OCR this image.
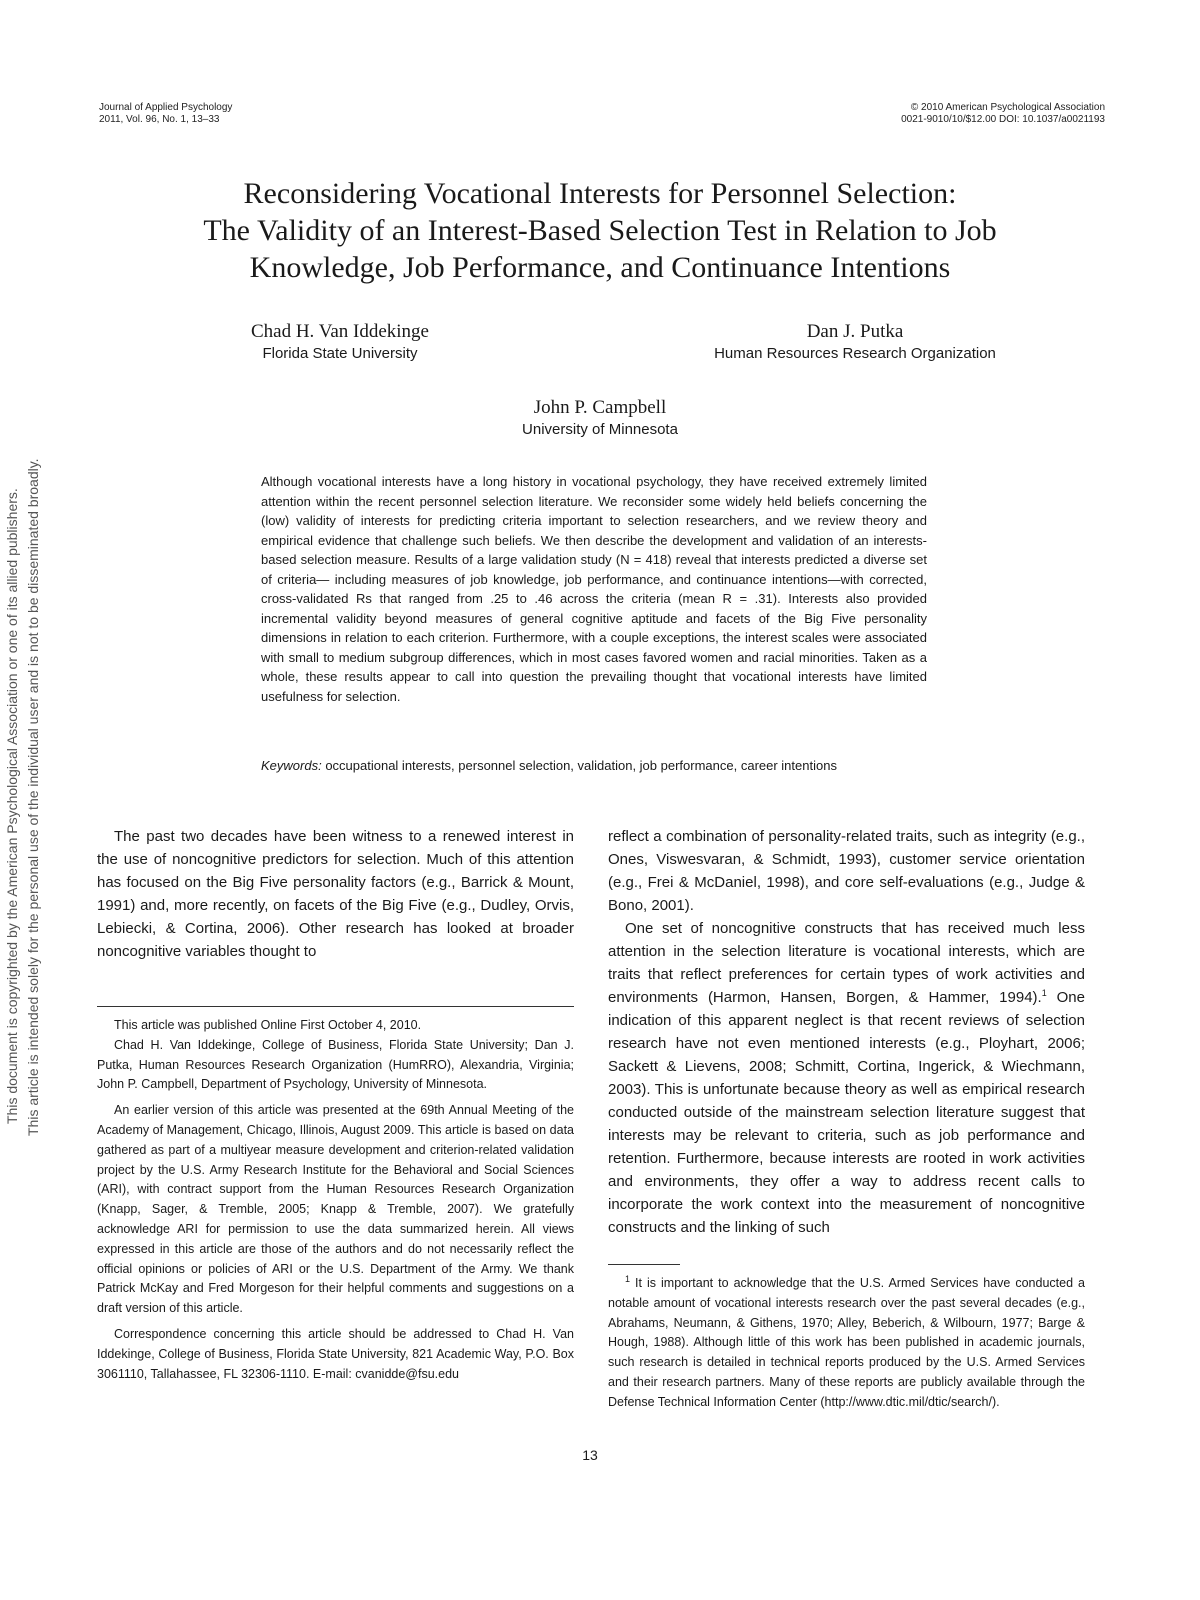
Journal of Applied Psychology
2011, Vol. 96, No. 1, 13–33
© 2010 American Psychological Association
0021-9010/10/$12.00 DOI: 10.1037/a0021193
This document is copyrighted by the American Psychological Association or one of its allied publishers. This article is intended solely for the personal use of the individual user and is not to be disseminated broadly.
Reconsidering Vocational Interests for Personnel Selection:
The Validity of an Interest-Based Selection Test in Relation to Job
Knowledge, Job Performance, and Continuance Intentions
Chad H. Van Iddekinge
Florida State University
Dan J. Putka
Human Resources Research Organization
John P. Campbell
University of Minnesota
Although vocational interests have a long history in vocational psychology, they have received extremely limited attention within the recent personnel selection literature. We reconsider some widely held beliefs concerning the (low) validity of interests for predicting criteria important to selection researchers, and we review theory and empirical evidence that challenge such beliefs. We then describe the development and validation of an interests-based selection measure. Results of a large validation study (N = 418) reveal that interests predicted a diverse set of criteria— including measures of job knowledge, job performance, and continuance intentions—with corrected, cross-validated Rs that ranged from .25 to .46 across the criteria (mean R = .31). Interests also provided incremental validity beyond measures of general cognitive aptitude and facets of the Big Five personality dimensions in relation to each criterion. Furthermore, with a couple exceptions, the interest scales were associated with small to medium subgroup differences, which in most cases favored women and racial minorities. Taken as a whole, these results appear to call into question the prevailing thought that vocational interests have limited usefulness for selection.
Keywords: occupational interests, personnel selection, validation, job performance, career intentions

The past two decades have been witness to a renewed interest in the use of noncognitive predictors for selection. Much of this attention has focused on the Big Five personality factors (e.g., Barrick & Mount, 1991) and, more recently, on facets of the Big Five (e.g., Dudley, Orvis, Lebiecki, & Cortina, 2006). Other research has looked at broader noncognitive variables thought to

reflect a combination of personality-related traits, such as integrity (e.g., Ones, Viswesvaran, & Schmidt, 1993), customer service orientation (e.g., Frei & McDaniel, 1998), and core self-evaluations (e.g., Judge & Bono, 2001).

One set of noncognitive constructs that has received much less attention in the selection literature is vocational interests, which are traits that reflect preferences for certain types of work activities and environments (Harmon, Hansen, Borgen, & Hammer, 1994).$^1$ One indication of this apparent neglect is that recent reviews of selection research have not even mentioned interests (e.g., Ployhart, 2006; Sackett & Lievens, 2008; Schmitt, Cortina, Ingerick, & Wiechmann, 2003). This is unfortunate because theory as well as empirical research conducted outside of the mainstream selection literature suggest that interests may be relevant to criteria, such as job performance and retention. Furthermore, because interests are rooted in work activities and environments, they offer a way to address recent calls to incorporate the work context into the measurement of noncognitive constructs and the linking of such

This article was published Online First October 4, 2010.

Chad H. Van Iddekinge, College of Business, Florida State University; Dan J. Putka, Human Resources Research Organization (HumRRO), Alexandria, Virginia; John P. Campbell, Department of Psychology, University of Minnesota.

An earlier version of this article was presented at the 69th Annual Meeting of the Academy of Management, Chicago, Illinois, August 2009. This article is based on data gathered as part of a multiyear measure development and criterion-related validation project by the U.S. Army Research Institute for the Behavioral and Social Sciences (ARI), with contract support from the Human Resources Research Organization (Knapp, Sager, & Tremble, 2005; Knapp & Tremble, 2007). We gratefully acknowledge ARI for permission to use the data summarized herein. All views expressed in this article are those of the authors and do not necessarily reflect the official opinions or policies of ARI or the U.S. Department of the Army. We thank Patrick McKay and Fred Morgeson for their helpful comments and suggestions on a draft version of this article.

Correspondence concerning this article should be addressed to Chad H. Van Iddekinge, College of Business, Florida State University, 821 Academic Way, P.O. Box 3061110, Tallahassee, FL 32306-1110. E-mail: cvanidde@fsu.edu

$^1$ It is important to acknowledge that the U.S. Armed Services have conducted a notable amount of vocational interests research over the past several decades (e.g., Abrahams, Neumann, & Githens, 1970; Alley, Beberich, & Wilbourn, 1977; Barge & Hough, 1988). Although little of this work has been published in academic journals, such research is detailed in technical reports produced by the U.S. Armed Services and their research partners. Many of these reports are publicly available through the Defense Technical Information Center (http://www.dtic.mil/dtic/search/).

13
